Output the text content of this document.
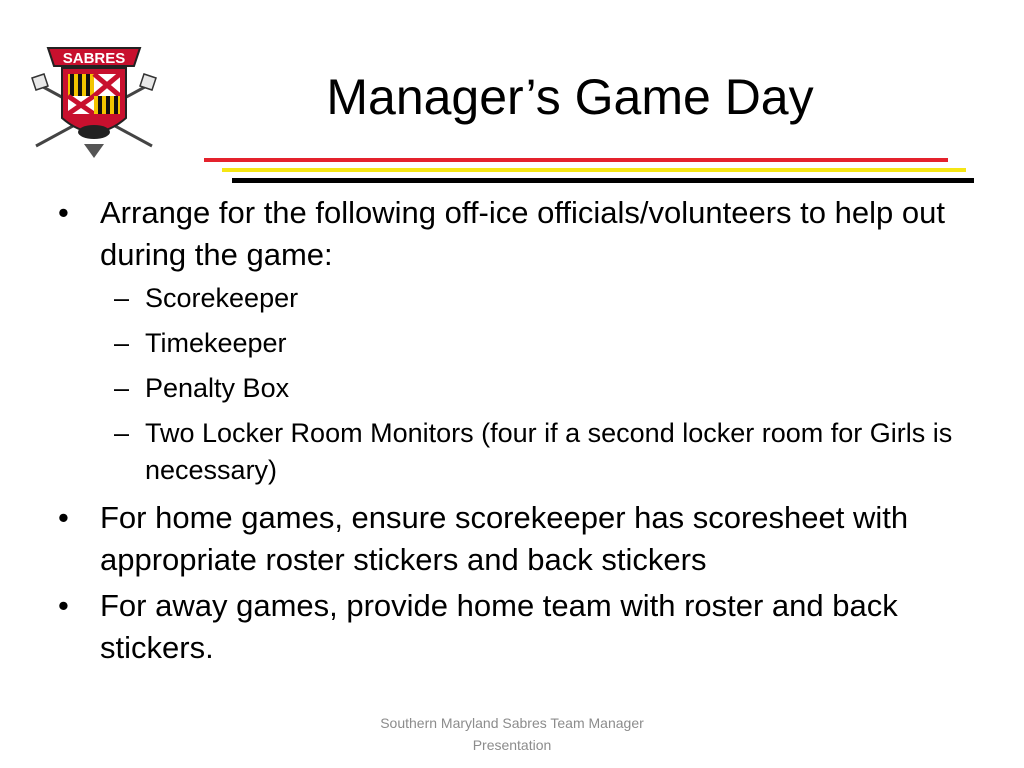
SABRES
Manager’s Game Day
•	Arrange for the following off-ice officials/volunteers to help out during the game:
– Scorekeeper
– Timekeeper
– Penalty Box
– Two Locker Room Monitors (four if a second locker room for Girls is necessary)
•	For home games, ensure scorekeeper has scoresheet with appropriate roster stickers and back stickers
•	For away games, provide home team with roster and back stickers.
Southern Maryland Sabres Team Manager Presentation
